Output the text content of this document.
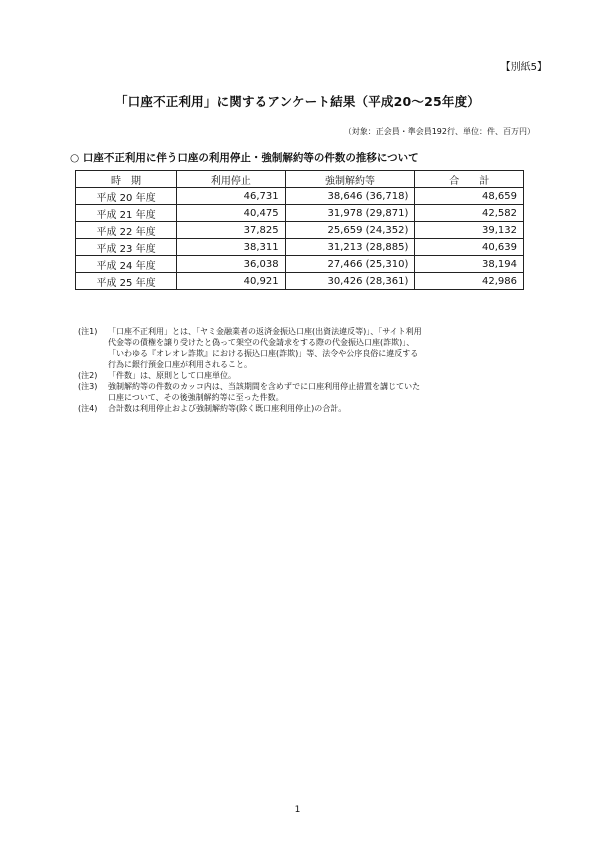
【別紙5】
「口座不正利用」に関するアンケート結果（平成20～25年度）
（対象：正会員・準会員192行、単位：件、百万円）
○ 口座不正利用に伴う口座の利用停止・強制解約等の件数の推移について
時　期	利用停止	強制解約等	合　　計
平成 20 年度	46,731	38,646 (36,718)	48,659
平成 21 年度	40,475	31,978 (29,871)	42,582
平成 22 年度	37,825	25,659 (24,352)	39,132
平成 23 年度	38,311	31,213 (28,885)	40,639
平成 24 年度	36,038	27,466 (25,310)	38,194
平成 25 年度	40,921	30,426 (28,361)	42,986
(注1)	「口座不正利用」とは、「ヤミ金融業者の返済金振込口座(出資法違反等)」、「サイト利用
代金等の債権を譲り受けたと偽って架空の代金請求をする際の代金振込口座(詐欺)」、
「いわゆる『オレオレ詐欺』における振込口座(詐欺)」等、法令や公序良俗に違反する
行為に銀行預金口座が利用されること。
(注2)	「件数」は、原則として口座単位。
(注3)	強制解約等の件数のカッコ内は、当該期間を含めずでに口座利用停止措置を講じていた
口座について、その後強制解約等に至った件数。
(注4)	合計数は利用停止および強制解約等(除く既口座利用停止)の合計。
1
